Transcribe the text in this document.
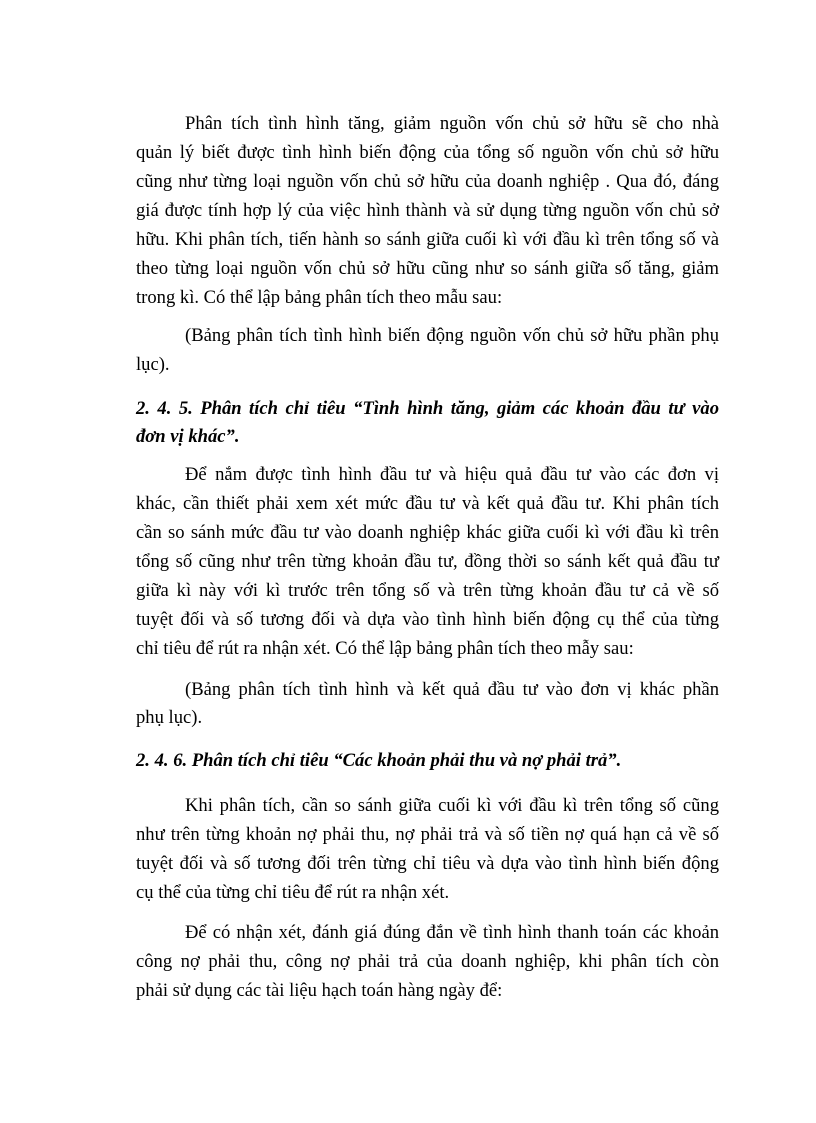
Phân tích tình hình tăng, giảm nguồn vốn chủ sở hữu sẽ cho nhà
quản lý biết được tình hình biến động của tổng số nguồn vốn chủ sở hữu
cũng như từng loại nguồn vốn chủ sở hữu của doanh nghiệp . Qua đó, đáng
giá được tính hợp lý của việc hình thành và sử dụng từng nguồn vốn chủ sở
hữu. Khi phân tích, tiến hành so sánh giữa cuối kì với đầu kì trên tổng số và
theo từng loại nguồn vốn chủ sở hữu cũng như so sánh giữa số tăng, giảm
trong kì. Có thể lập bảng phân tích theo mẫu sau:
(Bảng phân tích tình hình biến động nguồn vốn chủ sở hữu phần phụ
lục).
2. 4. 5. Phân tích chỉ tiêu “Tình hình tăng, giảm các khoản đầu tư vào
đơn vị khác”.
Để nắm được tình hình đầu tư và hiệu quả đầu tư vào các đơn vị
khác, cần thiết phải xem xét mức đầu tư và kết quả đầu tư. Khi phân tích
cần so sánh mức đầu tư vào doanh nghiệp khác giữa cuối kì với đầu kì trên
tổng số cũng như trên từng khoản đầu tư, đồng thời so sánh kết quả đầu tư
giữa kì này với kì trước trên tổng số và trên từng khoản đầu tư cả về số
tuyệt đối và số tương đối và dựa vào tình hình biến động cụ thể của từng
chỉ tiêu để rút ra nhận xét. Có thể lập bảng phân tích theo mẫy sau:
(Bảng phân tích tình hình và kết quả đầu tư vào đơn vị khác phần
phụ lục).
2. 4. 6. Phân tích chỉ tiêu “Các khoản phải thu và nợ phải trả”.
Khi phân tích, cần so sánh giữa cuối kì với đầu kì trên tổng số cũng
như trên từng khoản nợ phải thu, nợ phải trả và số tiền nợ quá hạn cả về số
tuyệt đối và số tương đối trên từng chỉ tiêu và dựa vào tình hình biến động
cụ thể của từng chỉ tiêu để rút ra nhận xét.
Để có nhận xét, đánh giá đúng đắn về tình hình thanh toán các khoản
công nợ phải thu, công nợ phải trả của doanh nghiệp, khi phân tích còn
phải sử dụng các tài liệu hạch toán hàng ngày để:
